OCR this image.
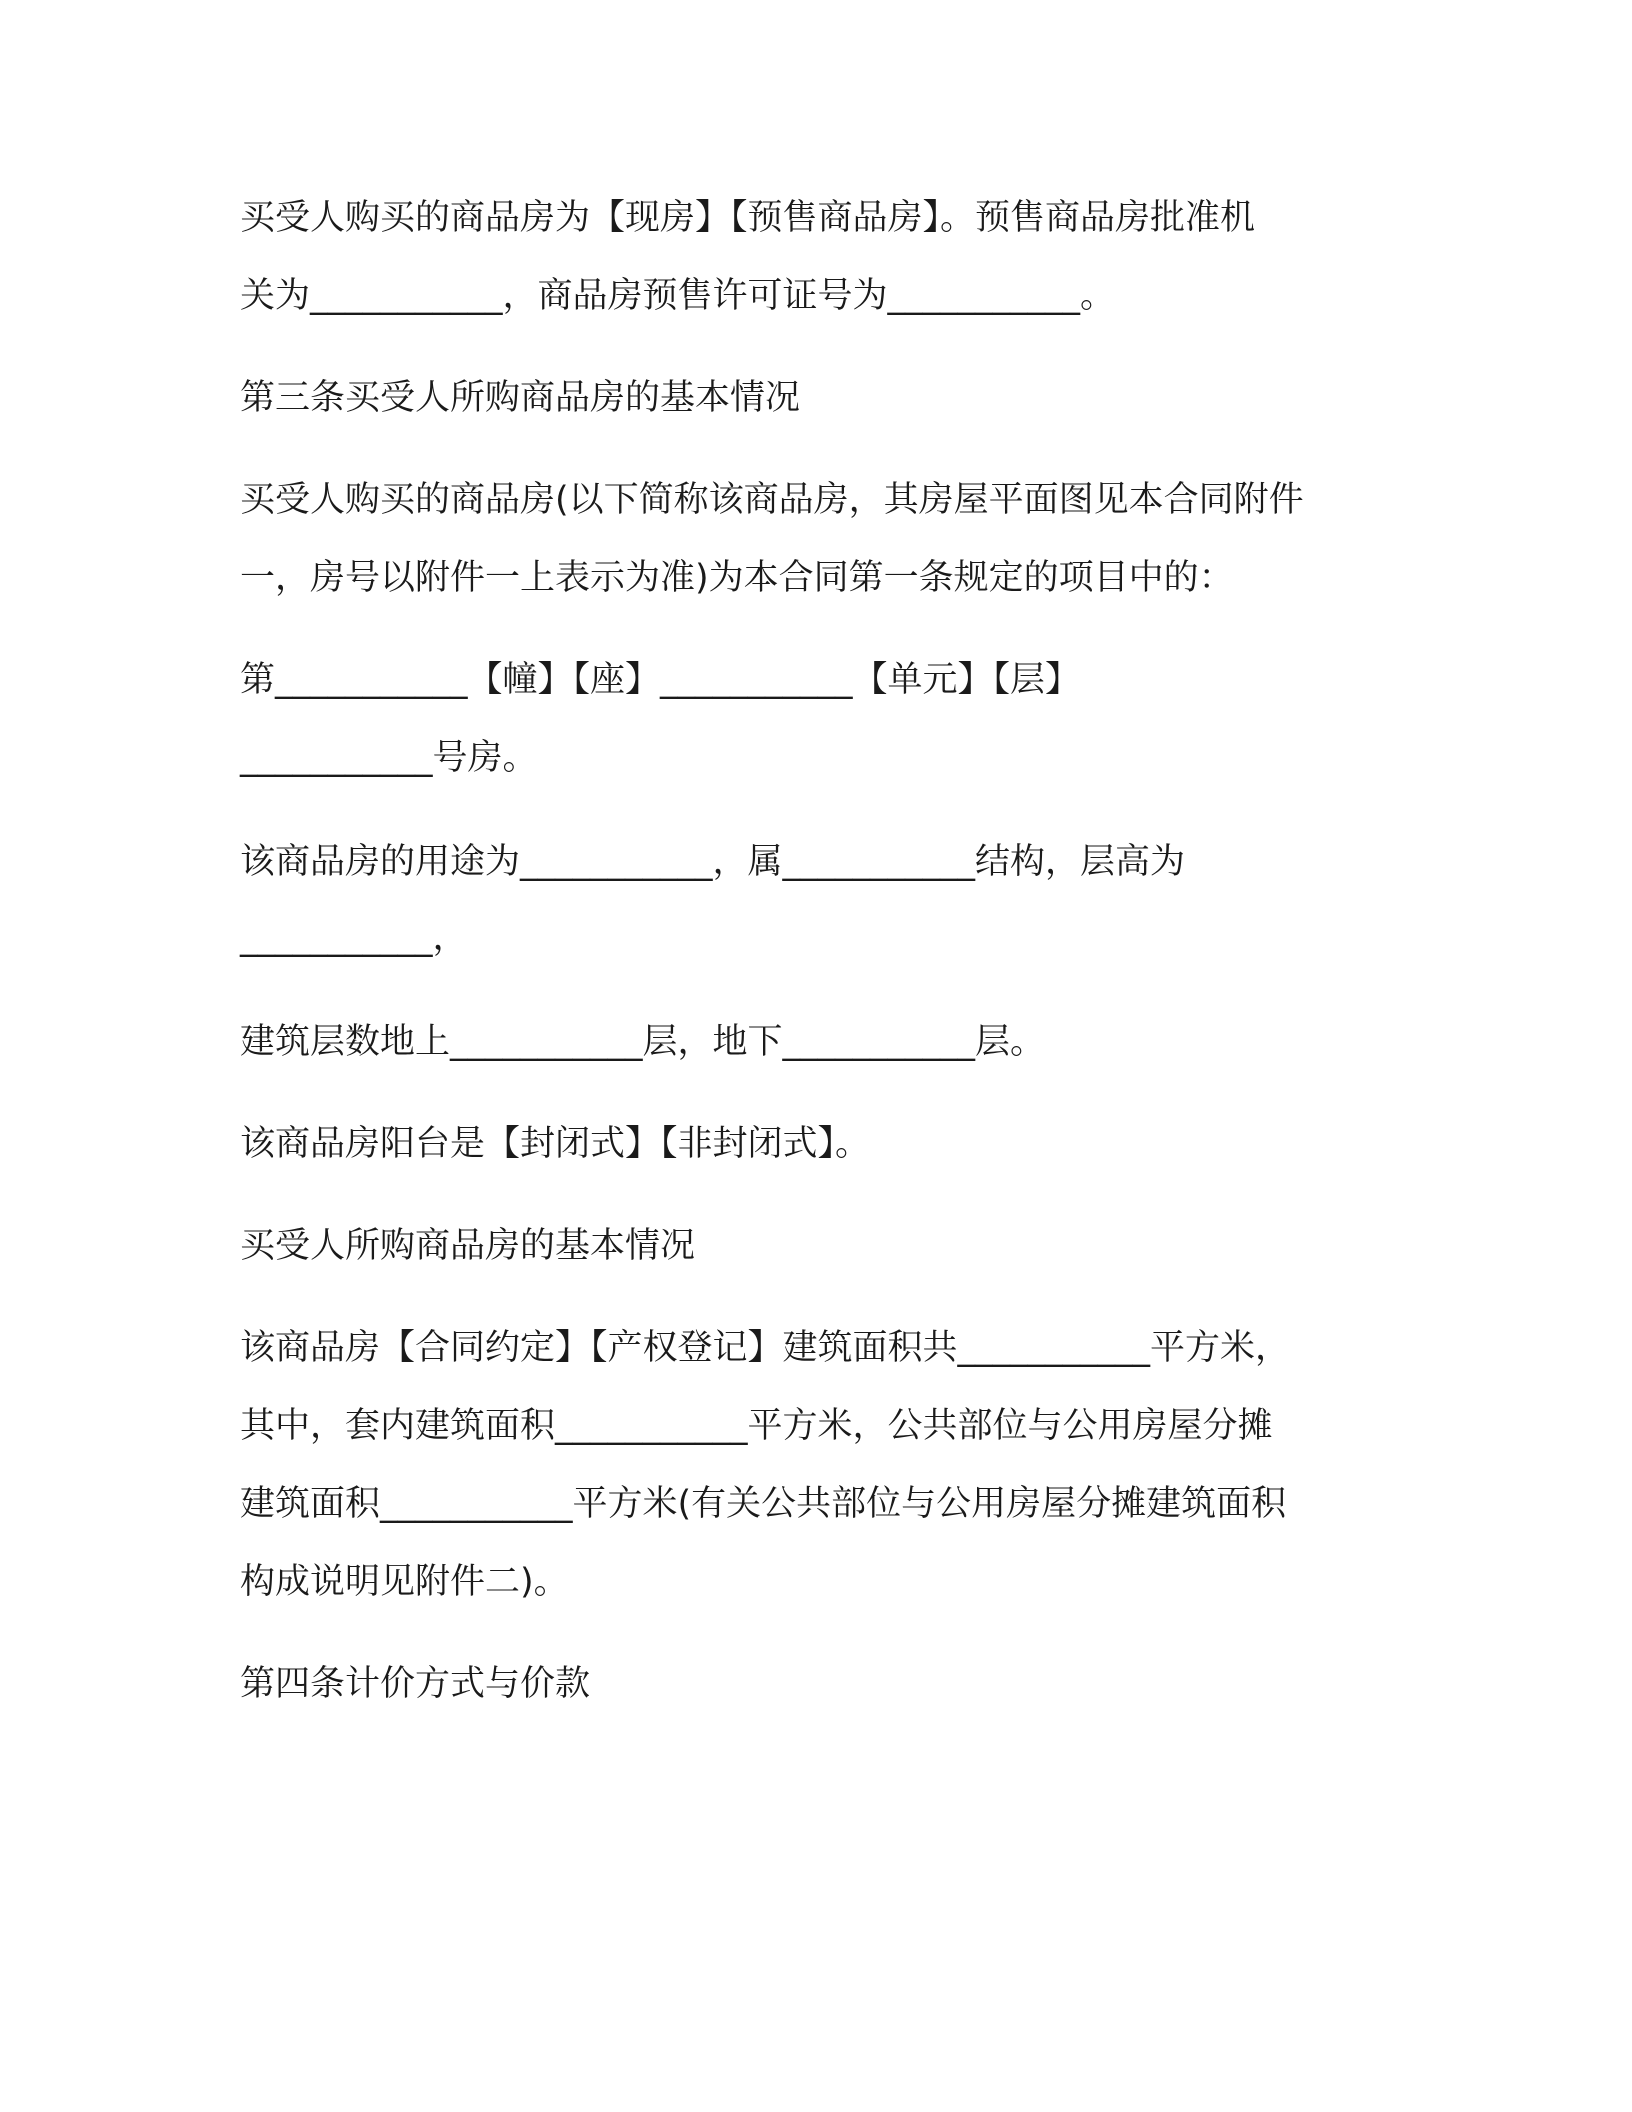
买受人购买的商品房为【现房】【预售商品房】。预售商品房批准机

关为___________，商品房预售许可证号为___________。

第三条买受人所购商品房的基本情况

买受人购买的商品房(以下简称该商品房，其房屋平面图见本合同附件

一，房号以附件一上表示为准)为本合同第一条规定的项目中的：

第___________【幢】【座】___________【单元】【层】

___________号房。

该商品房的用途为___________，属___________结构，层高为

___________，

建筑层数地上___________层，地下___________层。

该商品房阳台是【封闭式】【非封闭式】。

买受人所购商品房的基本情况

该商品房【合同约定】【产权登记】建筑面积共___________平方米，

其中，套内建筑面积___________平方米，公共部位与公用房屋分摊

建筑面积___________平方米(有关公共部位与公用房屋分摊建筑面积

构成说明见附件二)。

第四条计价方式与价款
